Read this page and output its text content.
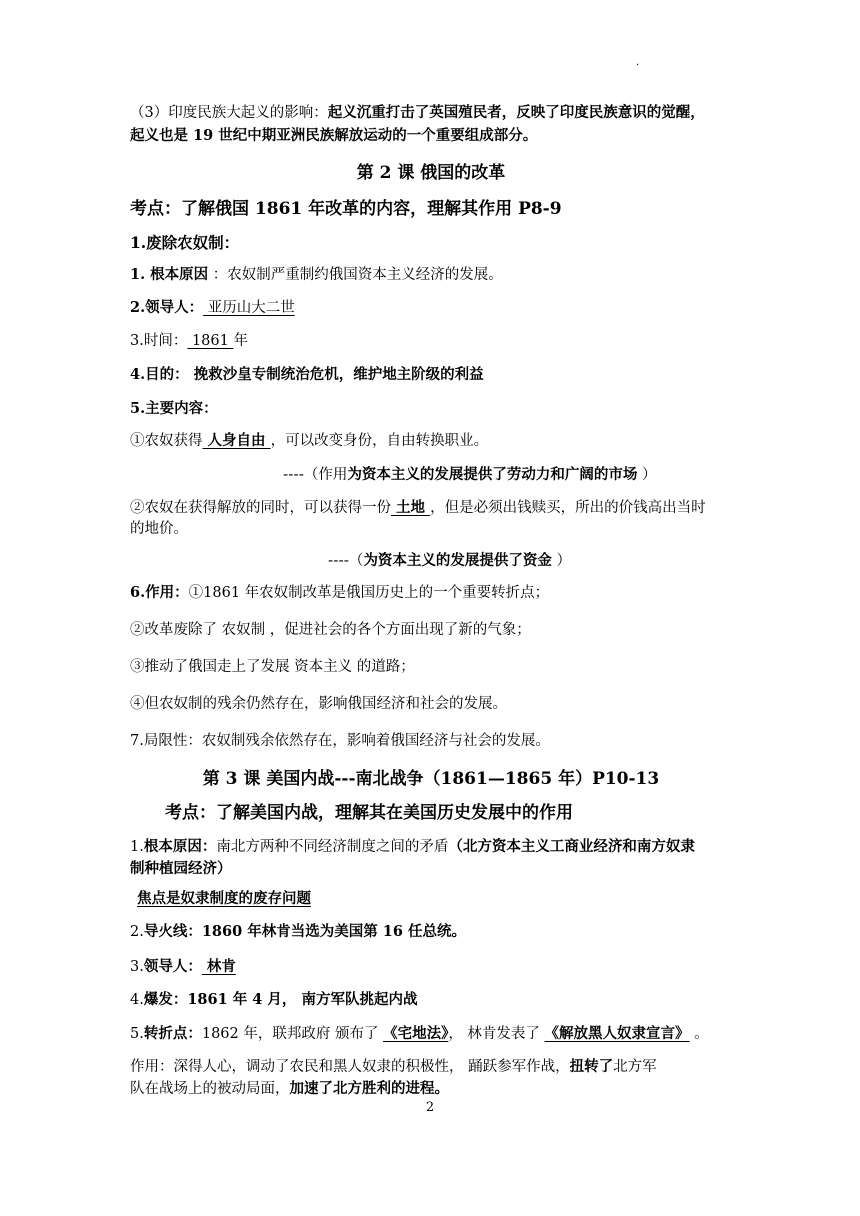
·
（3）印度民族大起义的影响：起义沉重打击了英国殖民者，反映了印度民族意识的觉醒，
起义也是 19 世纪中期亚洲民族解放运动的一个重要组成部分。
第 2 课 俄国的改革
考点：了解俄国 1861 年改革的内容，理解其作用 P8-9
1.废除农奴制：
1. 根本原因 ：农奴制严重制约俄国资本主义经济的发展。
2.领导人： 亚历山大二世
3.时间： 1861 年
4.目的： 挽救沙皇专制统治危机，维护地主阶级的利益
5.主要内容：
①农奴获得 人身自由 ，可以改变身份，自由转换职业。
----（作用为资本主义的发展提供了劳动力和广阔的市场 ）
②农奴在获得解放的同时，可以获得一份 土地 ，但是必须出钱赎买，所出的价钱高出当时
的地价。
----（为资本主义的发展提供了资金 ）
6.作用：①1861 年农奴制改革是俄国历史上的一个重要转折点；
②改革废除了 农奴制 ，促进社会的各个方面出现了新的气象；
③推动了俄国走上了发展 资本主义 的道路；
④但农奴制的残余仍然存在，影响俄国经济和社会的发展。
7.局限性：农奴制残余依然存在，影响着俄国经济与社会的发展。
第 3 课 美国内战---南北战争（1861—1865 年）P10-13
考点：了解美国内战，理解其在美国历史发展中的作用
1.根本原因：南北方两种不同经济制度之间的矛盾（北方资本主义工商业经济和南方奴隶
制种植园经济）
焦点是奴隶制度的废存问题
2.导火线：1860 年林肯当选为美国第 16 任总统。
3.领导人： 林肯
4.爆发：1861 年 4 月， 南方军队挑起内战
5.转折点：1862 年，联邦政府 颁布了 《宅地法》， 林肯发表了 《解放黑人奴隶宣言》 。
作用：深得人心，调动了农民和黑人奴隶的积极性， 踊跃参军作战，扭转了北方军
队在战场上的被动局面，加速了北方胜利的进程。
2
